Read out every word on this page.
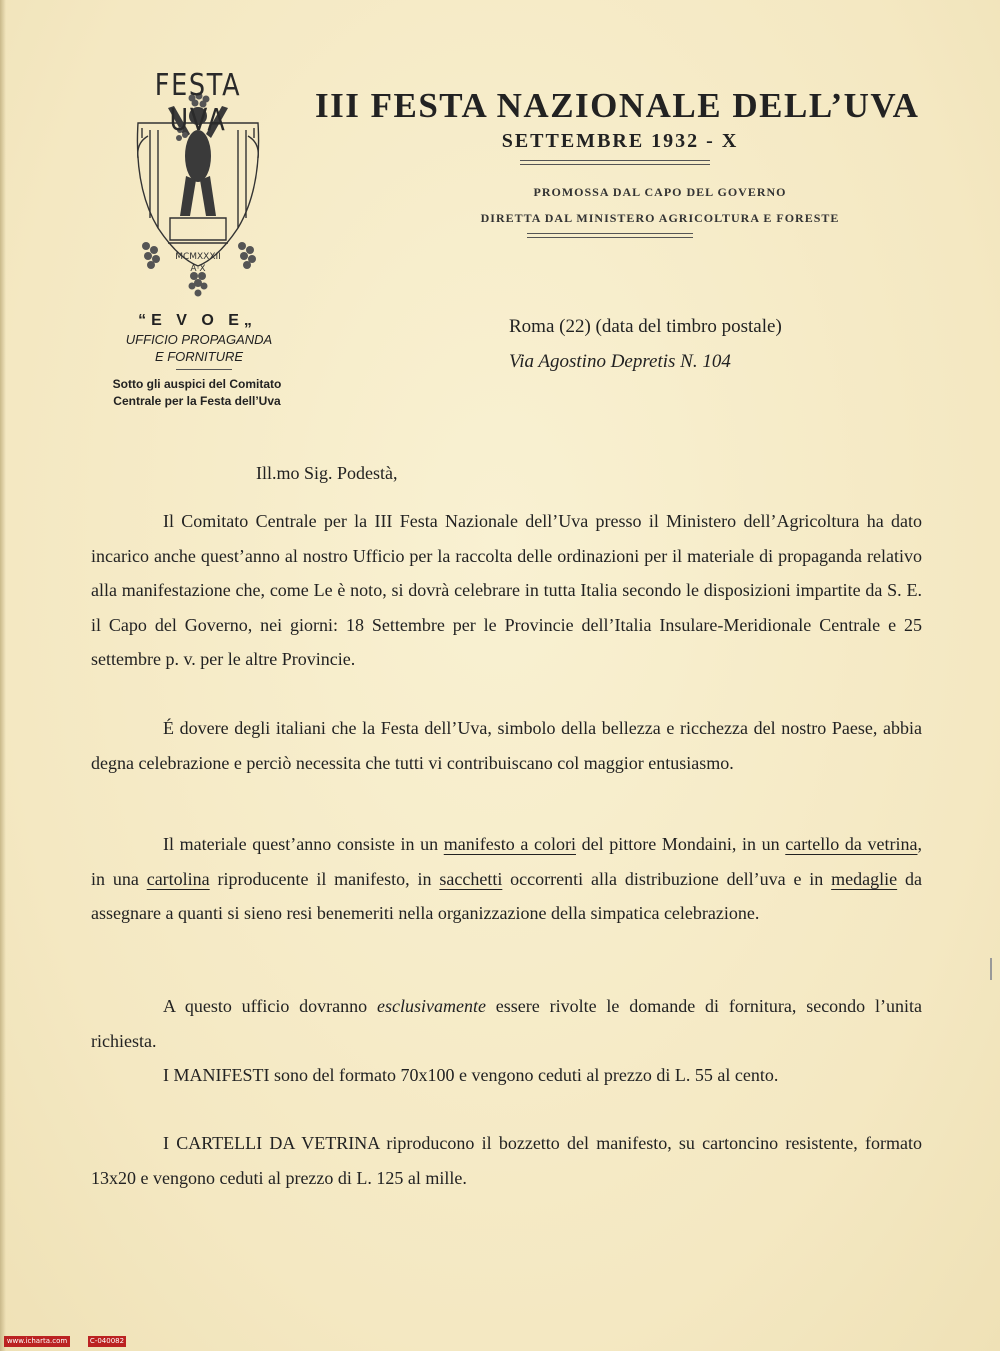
FESTA UVA
MCMXXXII A·X
III FESTA NAZIONALE DELL’UVA
SETTEMBRE 1932 - X
PROMOSSA DAL CAPO DEL GOVERNO
DIRETTA DAL MINISTERO AGRICOLTURA E FORESTE
“E V O E„
UFFICIO PROPAGANDA
E FORNITURE
Sotto gli auspici del Comitato
Centrale per la Festa dell’Uva
Roma (22) (data del timbro postale)
Via Agostino Depretis N. 104
Ill.mo Sig. Podestà,

Il Comitato Centrale per la III Festa Nazionale dell’Uva presso il Ministero dell’Agricoltura ha dato incarico anche quest’anno al nostro Ufficio per la raccolta delle ordinazioni per il materiale di propaganda relativo alla manifestazione che, come Le è noto, si dovrà celebrare in tutta Italia secondo le disposizioni impartite da S. E. il Capo del Governo, nei giorni: 18 Settembre per le Provincie dell’Italia Insulare-Meridionale Centrale e 25 settembre p. v. per le altre Provincie.

É dovere degli italiani che la Festa dell’Uva, simbolo della bellezza e ricchezza del nostro Paese, abbia degna celebrazione e perciò necessita che tutti vi contribuiscano col maggior entusiasmo.

Il materiale quest’anno consiste in un manifesto a colori del pittore Mondaini, in un cartello da vetrina, in una cartolina riproducente il manifesto, in sacchetti occorrenti alla distribuzione dell’uva e in medaglie da assegnare a quanti si sieno resi benemeriti nella organizzazione della simpatica celebrazione.

A questo ufficio dovranno esclusivamente essere rivolte le domande di fornitura, secondo l’unita richiesta.

I MANIFESTI sono del formato 70x100 e vengono ceduti al prezzo di L. 55 al cento.

I CARTELLI DA VETRINA riproducono il bozzetto del manifesto, su cartoncino resistente, formato 13x20 e vengono ceduti al prezzo di L. 125 al mille.

www.icharta.com	C-040082
